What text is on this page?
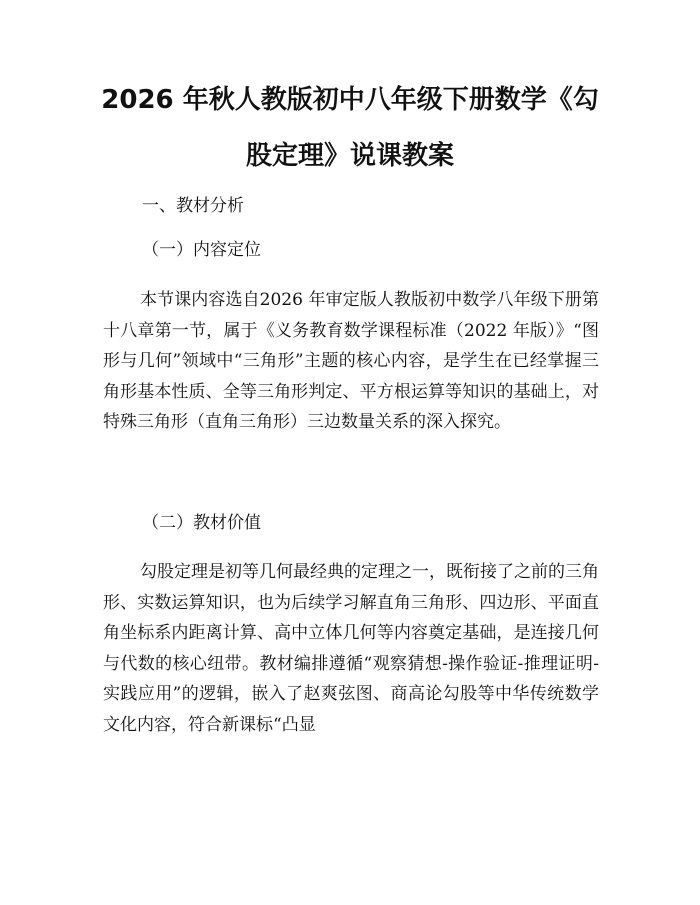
2026 年秋人教版初中八年级下册数学《勾股定理》说课教案

一、教材分析

（一）内容定位

本节课内容选自2026 年审定版人教版初中数学八年级下册第十八章第一节，属于《义务教育数学课程标准（2022 年版）》“图形与几何”领域中“三角形”主题的核心内容，是学生在已经掌握三角形基本性质、全等三角形判定、平方根运算等知识的基础上，对特殊三角形（直角三角形）三边数量关系的深入探究。

（二）教材价值

勾股定理是初等几何最经典的定理之一，既衔接了之前的三角形、实数运算知识，也为后续学习解直角三角形、四边形、平面直角坐标系内距离计算、高中立体几何等内容奠定基础，是连接几何与代数的核心纽带。教材编排遵循“观察猜想-操作验证-推理证明-实践应用”的逻辑，嵌入了赵爽弦图、商高论勾股等中华传统数学文化内容，符合新课标“凸显
